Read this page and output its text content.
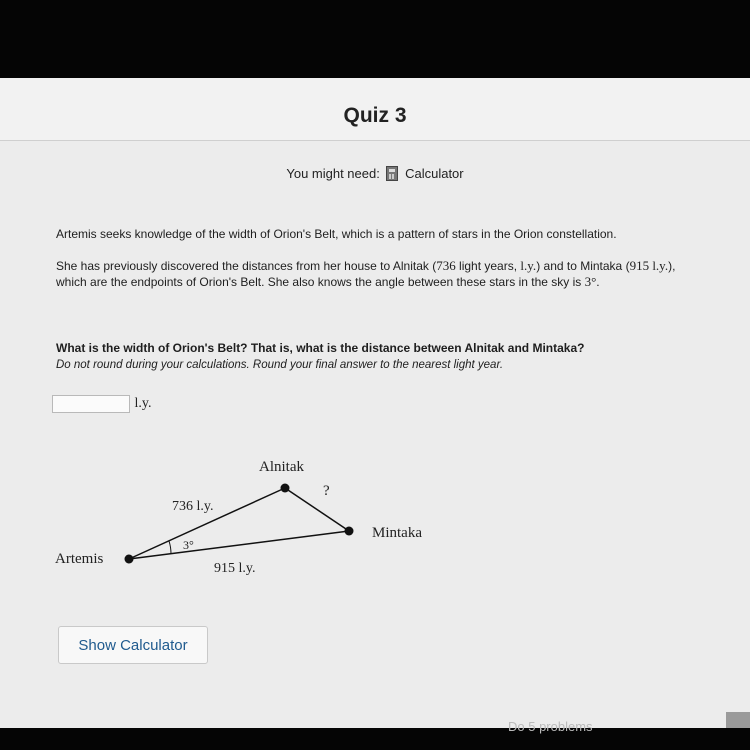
Quiz 3
You might need: Calculator
Artemis seeks knowledge of the width of Orion's Belt, which is a pattern of stars in the Orion constellation.
She has previously discovered the distances from her house to Alnitak (736 light years, l.y.) and to Mintaka (915 l.y.), which are the endpoints of Orion's Belt. She also knows the angle between these stars in the sky is 3°.
What is the width of Orion's Belt? That is, what is the distance between Alnitak and Mintaka?
Do not round during your calculations. Round your final answer to the nearest light year.
l.y.
Alnitak
Mintaka
Artemis
?
736 l.y.
915 l.y.
3°
Show Calculator
Do 5 problems
